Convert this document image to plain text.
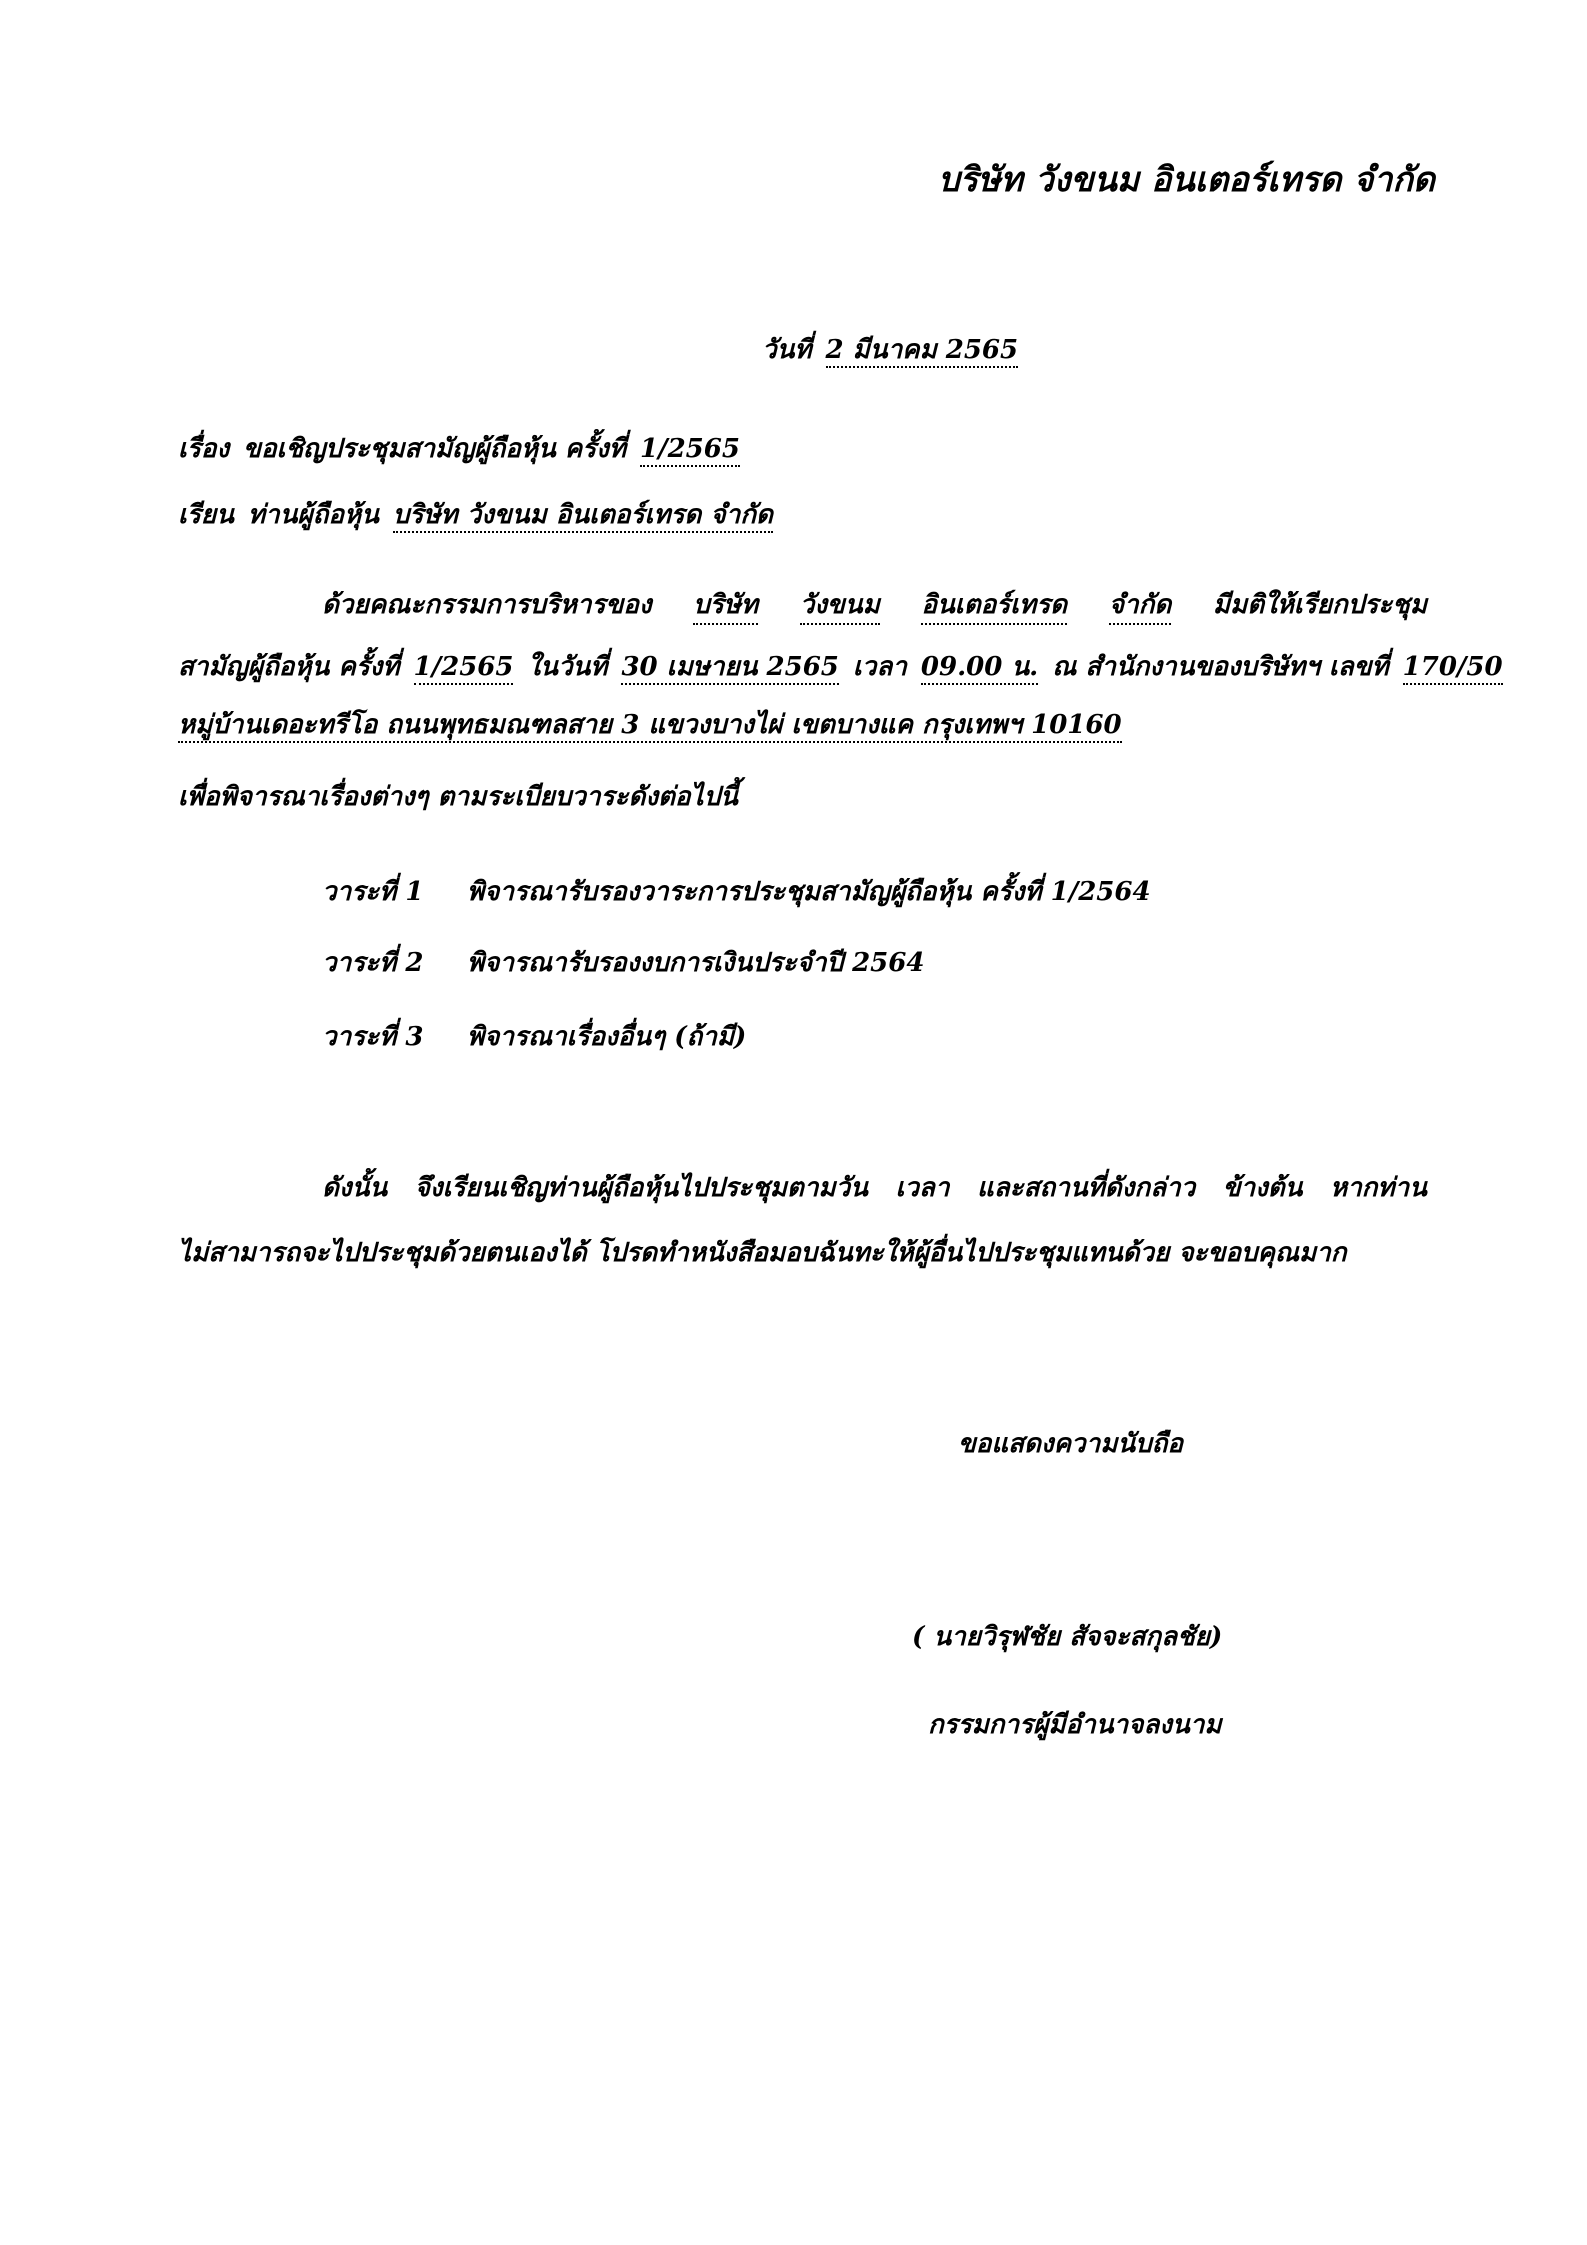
บริษัท วังขนม อินเตอร์เทรด จำกัด
วันที่ 2 มีนาคม 2565
เรื่อง ขอเชิญประชุมสามัญผู้ถือหุ้น ครั้งที่ 1/2565
เรียน ท่านผู้ถือหุ้น บริษัท วังขนม อินเตอร์เทรด จำกัด
ด้วยคณะกรรมการบริหารของ บริษัท วังขนม อินเตอร์เทรด จำกัด มีมติให้เรียกประชุม
สามัญผู้ถือหุ้น ครั้งที่ 1/2565 ในวันที่ 30 เมษายน 2565 เวลา 09.00 น. ณ สำนักงานของบริษัทฯ เลขที่ 170/50
หมู่บ้านเดอะทรีโอ ถนนพุทธมณฑลสาย 3 แขวงบางไผ่ เขตบางแค กรุงเทพฯ 10160
เพื่อพิจารณาเรื่องต่างๆ ตามระเบียบวาระดังต่อไปนี้
วาระที่ 1 พิจารณารับรองวาระการประชุมสามัญผู้ถือหุ้น ครั้งที่ 1/2564
วาระที่ 2 พิจารณารับรองงบการเงินประจำปี 2564
วาระที่ 3 พิจารณาเรื่องอื่นๆ (ถ้ามี)
ดังนั้น จึงเรียนเชิญท่านผู้ถือหุ้นไปประชุมตามวัน เวลา และสถานที่ดังกล่าว ข้างต้น หากท่าน
ไม่สามารถจะไปประชุมด้วยตนเองได้ โปรดทำหนังสือมอบฉันทะให้ผู้อื่นไปประชุมแทนด้วย จะขอบคุณมาก
ขอแสดงความนับถือ
( นายวิรุฬชัย สัจจะสกุลชัย)
กรรมการผู้มีอำนาจลงนาม
